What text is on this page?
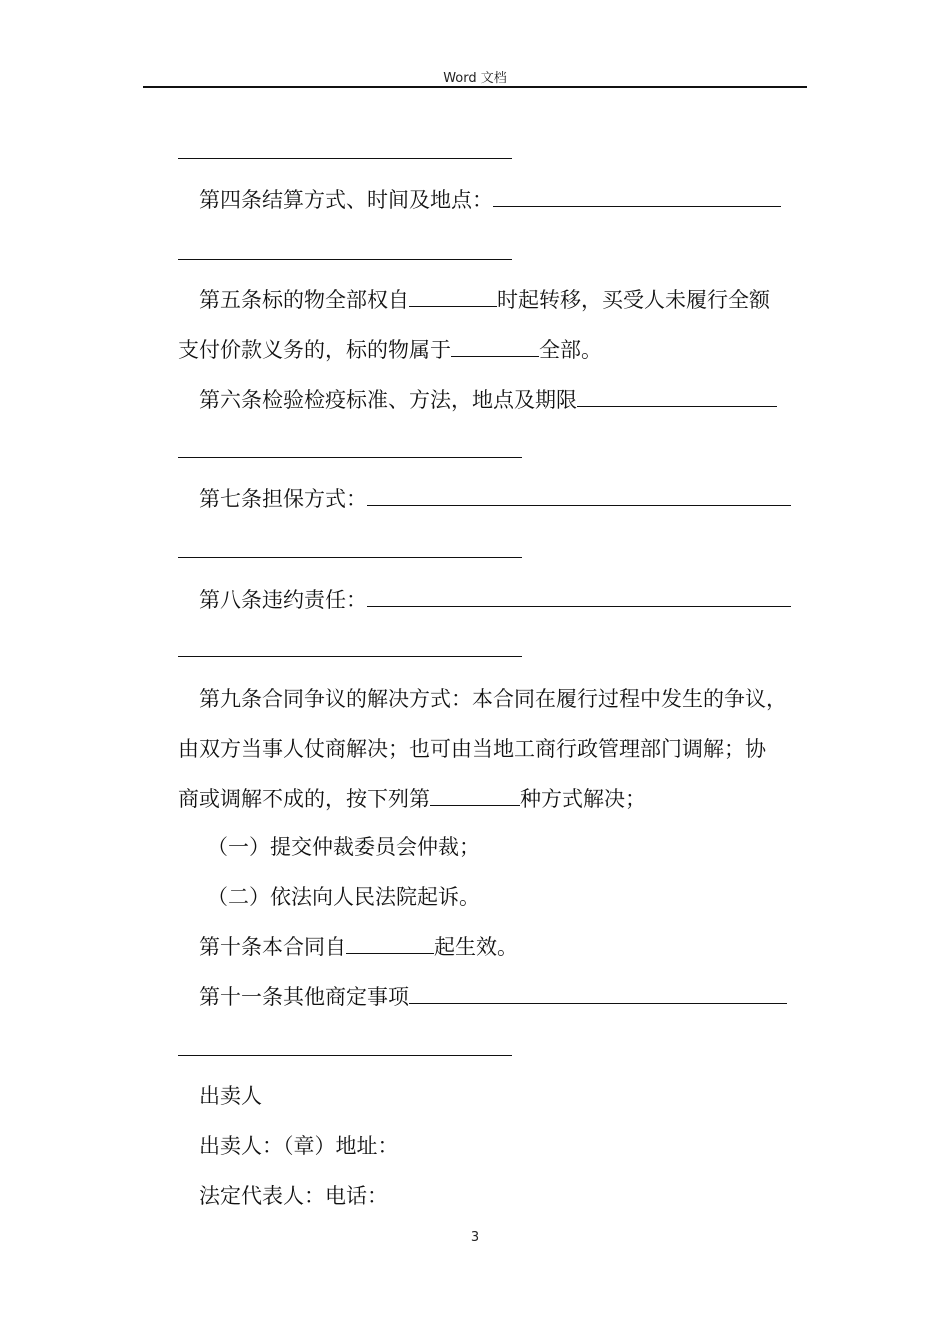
Word 文档
第四条结算方式、时间及地点：
第五条标的物全部权自	时起转移，买受人未履行全额
支付价款义务的，标的物属于	全部。
第六条检验检疫标准、方法，地点及期限
第七条担保方式：
第八条违约责任：
第九条合同争议的解决方式：本合同在履行过程中发生的争议，
由双方当事人仗商解决；也可由当地工商行政管理部门调解；协
商或调解不成的，按下列第	种方式解决；
（一）提交仲裁委员会仲裁；
（二）依法向人民法院起诉。
第十条本合同自	起生效。
第十一条其他商定事项
出卖人
出卖人：（章）地址：
法定代表人：电话：
3
